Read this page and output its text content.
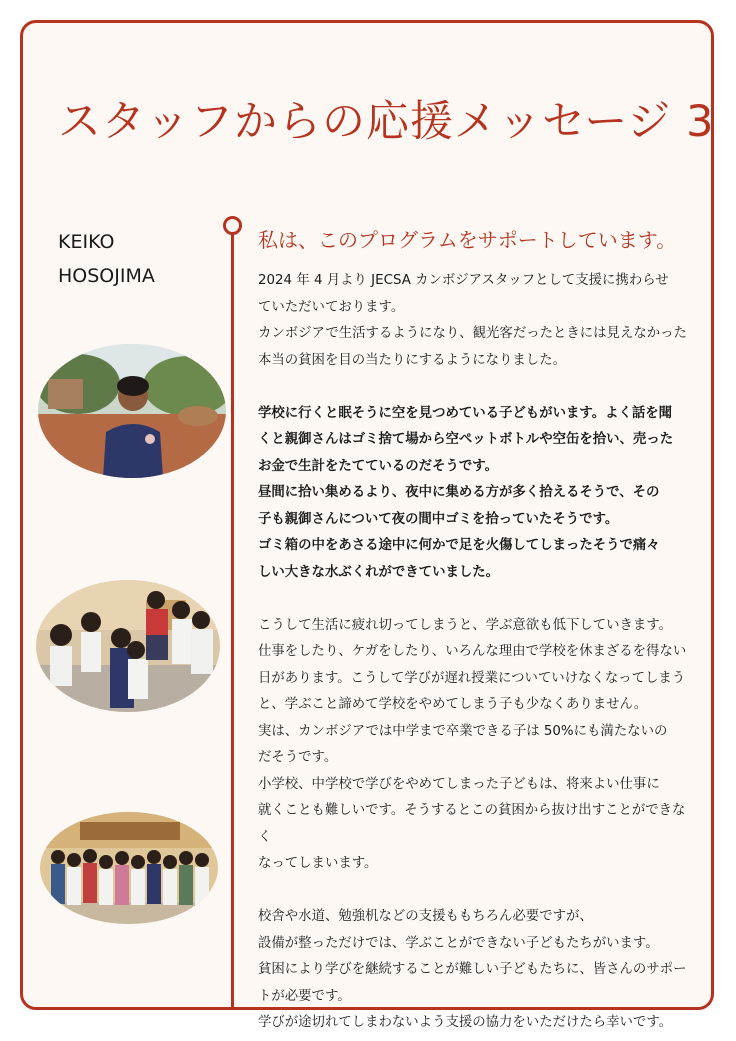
スタッフからの応援メッセージ 3
KEIKO
HOSOJIMA
私は、このプログラムをサポートしています。

2024 年 4 月より JECSA カンボジアスタッフとして支援に携わらせ

ていただいております。

カンボジアで生活するようになり、観光客だったときには見えなかった

本当の貧困を目の当たりにするようになりました。

学校に行くと眠そうに空を見つめている子どもがいます。よく話を聞

くと親御さんはゴミ捨て場から空ペットボトルや空缶を拾い、売った

お金で生計をたてているのだそうです。

昼間に拾い集めるより、夜中に集める方が多く拾えるそうで、その

子も親御さんについて夜の間中ゴミを拾っていたそうです。

ゴミ箱の中をあさる途中に何かで足を火傷してしまったそうで痛々

しい大きな水ぶくれができていました。

こうして生活に疲れ切ってしまうと、学ぶ意欲も低下していきます。

仕事をしたり、ケガをしたり、いろんな理由で学校を休まざるを得ない

日があります。こうして学びが遅れ授業についていけなくなってしまう

と、学ぶこと諦めて学校をやめてしまう子も少なくありません。

実は、カンボジアでは中学まで卒業できる子は 50%にも満たないの

だそうです。

小学校、中学校で学びをやめてしまった子どもは、将来よい仕事に

就くことも難しいです。そうするとこの貧困から抜け出すことができなく

なってしまいます。

校舎や水道、勉強机などの支援ももちろん必要ですが、

設備が整っただけでは、学ぶことができない子どもたちがいます。

貧困により学びを継続することが難しい子どもたちに、皆さんのサポー

トが必要です。

学びが途切れてしまわないよう支援の協力をいただけたら幸いです。
